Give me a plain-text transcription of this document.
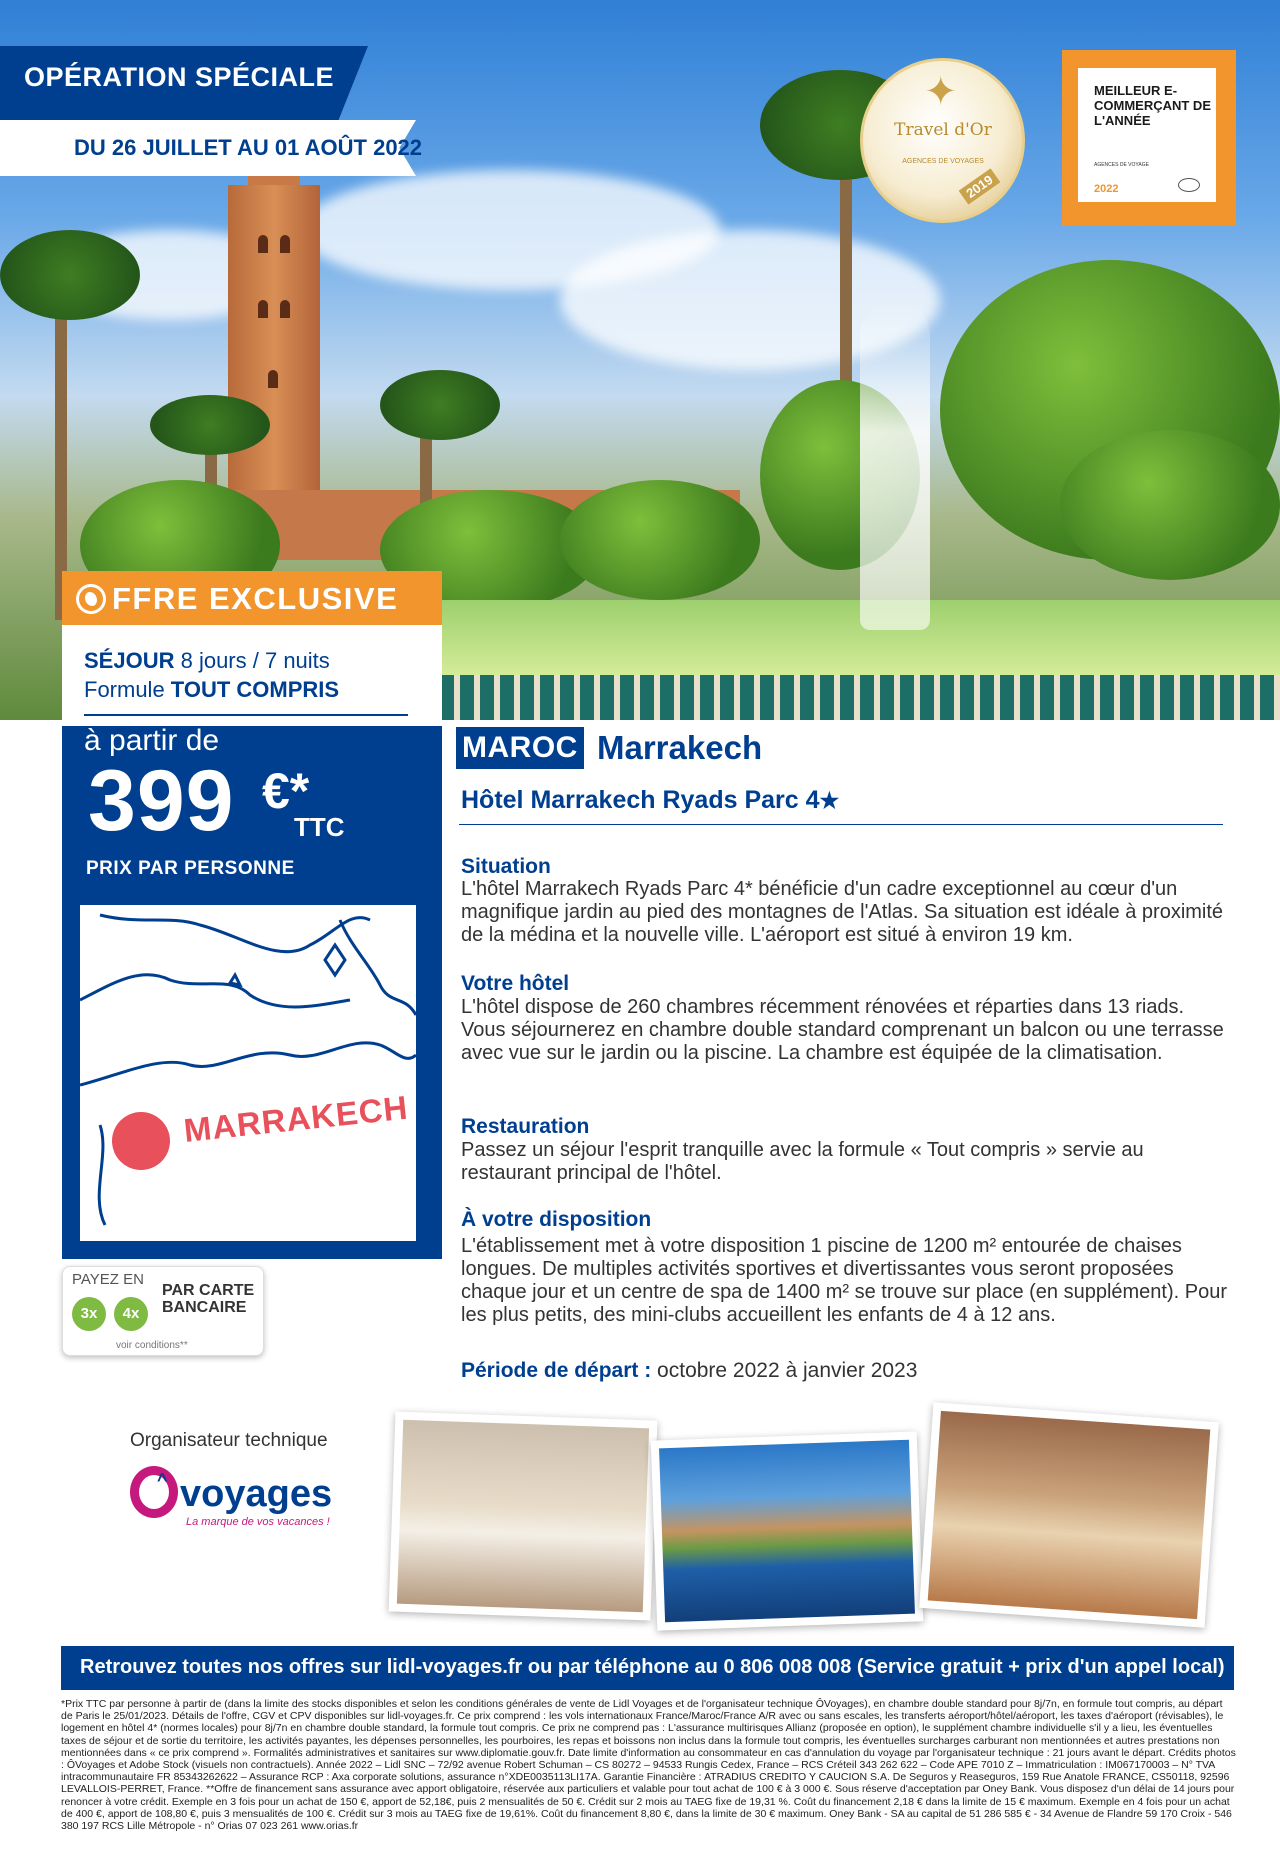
OPÉRATION SPÉCIALE
DU 26 JUILLET AU 01 AOÛT 2022
✦
Travel d'Or
AGENCES DE VOYAGES
2019
MEILLEUR E-COMMERÇANT DE L'ANNÉE
AGENCES DE VOYAGE
2022
FFRE EXCLUSIVE
SÉJOUR 8 jours / 7 nuits
Formule TOUT COMPRIS
à partir de
399 €*
TTC
PRIX PAR PERSONNE
MARRAKECH
PAYEZ EN
3x	4x
PAR CARTE BANCAIRE
voir conditions**
Organisateur technique
^ voyages
La marque de vos vacances !
MAROC Marrakech
Hôtel Marrakech Ryads Parc 4★
Situation
L'hôtel Marrakech Ryads Parc 4* bénéficie d'un cadre exceptionnel au cœur d'un magnifique jardin au pied des montagnes de l'Atlas. Sa situation est idéale à proximité de la médina et la nouvelle ville. L'aéroport est situé à environ 19 km.
Votre hôtel
L'hôtel dispose de 260 chambres récemment rénovées et réparties dans 13 riads. Vous séjournerez en chambre double standard comprenant un balcon ou une terrasse avec vue sur le jardin ou la piscine. La chambre est équipée de la climatisation.
Restauration
Passez un séjour l'esprit tranquille avec la formule « Tout compris » servie au restaurant principal de l'hôtel.
À votre disposition
L'établissement met à votre disposition 1 piscine de 1200 m² entourée de chaises longues. De multiples activités sportives et divertissantes vous seront proposées chaque jour et un centre de spa de 1400 m² se trouve sur place (en supplément). Pour les plus petits, des mini-clubs accueillent les enfants de 4 à 12 ans.
Période de départ : octobre 2022 à janvier 2023
Retrouvez toutes nos offres sur lidl-voyages.fr ou par téléphone au 0 806 008 008 (Service gratuit + prix d'un appel local)
*Prix TTC par personne à partir de (dans la limite des stocks disponibles et selon les conditions générales de vente de Lidl Voyages et de l'organisateur technique ÔVoyages), en chambre double standard pour 8j/7n, en formule tout compris, au départ de Paris le 25/01/2023. Détails de l'offre, CGV et CPV disponibles sur lidl-voyages.fr. Ce prix comprend : les vols internationaux France/Maroc/France A/R avec ou sans escales, les transferts aéroport/hôtel/aéroport, les taxes d'aéroport (révisables), le logement en hôtel 4* (normes locales) pour 8j/7n en chambre double standard, la formule tout compris. Ce prix ne comprend pas : L'assurance multirisques Allianz (proposée en option), le supplément chambre individuelle s'il y a lieu, les éventuelles taxes de séjour et de sortie du territoire, les activités payantes, les dépenses personnelles, les pourboires, les repas et boissons non inclus dans la formule tout compris, les éventuelles surcharges carburant non mentionnées et autres prestations non mentionnées dans « ce prix comprend ». Formalités administratives et sanitaires sur www.diplomatie.gouv.fr. Date limite d'information au consommateur en cas d'annulation du voyage par l'organisateur technique : 21 jours avant le départ. Crédits photos : ÔVoyages et Adobe Stock (visuels non contractuels). Année 2022 – Lidl SNC – 72/92 avenue Robert Schuman – CS 80272 – 94533 Rungis Cedex, France – RCS Créteil 343 262 622 – Code APE 7010 Z – Immatriculation : IM067170003 – N° TVA intracommunautaire FR 85343262622 – Assurance RCP : Axa corporate solutions, assurance n°XDE0035113LI17A. Garantie Financière : ATRADIUS CREDITO Y CAUCION S.A. De Seguros y Reaseguros, 159 Rue Anatole FRANCE, CS50118, 92596 LEVALLOIS-PERRET, France. **Offre de financement sans assurance avec apport obligatoire, réservée aux particuliers et valable pour tout achat de 100 € à 3 000 €. Sous réserve d'acceptation par Oney Bank. Vous disposez d'un délai de 14 jours pour renoncer à votre crédit. Exemple en 3 fois pour un achat de 150 €, apport de 52,18€, puis 2 mensualités de 50 €. Crédit sur 2 mois au TAEG fixe de 19,31 %. Coût du financement 2,18 € dans la limite de 15 € maximum. Exemple en 4 fois pour un achat de 400 €, apport de 108,80 €, puis 3 mensualités de 100 €. Crédit sur 3 mois au TAEG fixe de 19,61%. Coût du financement 8,80 €, dans la limite de 30 € maximum. Oney Bank - SA au capital de 51 286 585 € - 34 Avenue de Flandre 59 170 Croix - 546 380 197 RCS Lille Métropole - n° Orias 07 023 261 www.orias.fr
